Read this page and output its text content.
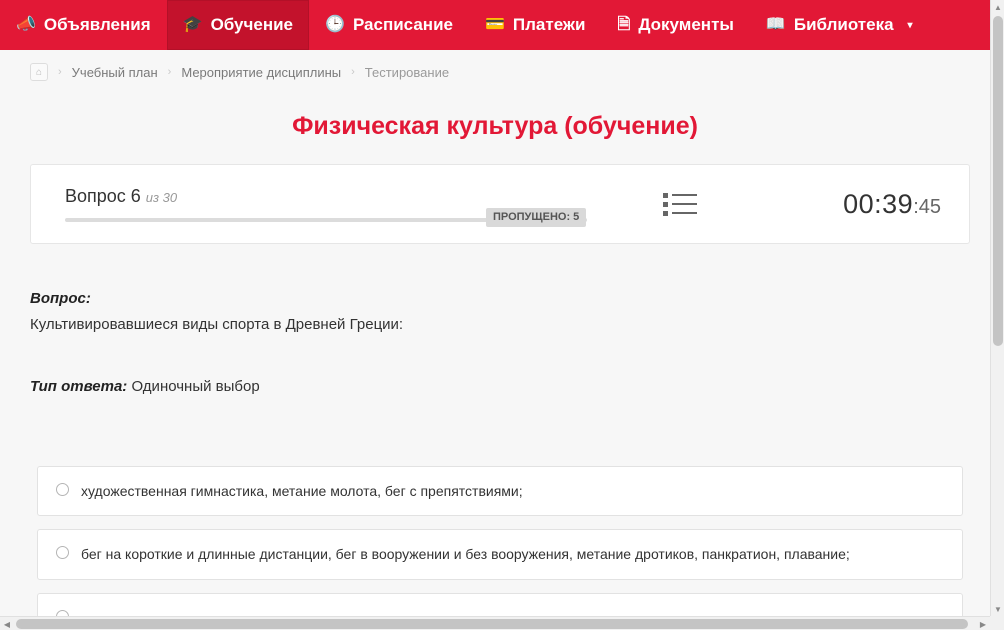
📣 Объявления 🎓 Обучение 🕒 Расписание 💳 Платежи 🗎 Документы 📖 Библиотека ▾
⌂	› Учебный план › Мероприятие дисциплины › Тестирование
Физическая культура (обучение)
Вопрос 6 из 30
ПРОПУЩЕНО: 5	00:39:45
Вопрос:
Культивировавшиеся виды спорта в Древней Греции:
Тип ответа: Одиночный выбор
художественная гимнастика, метание молота, бег с препятствиями;
бег на короткие и длинные дистанции, бег в вооружении и без вооружения, метание дротиков, панкратион, плавание;
▲
▼
◀	▶
